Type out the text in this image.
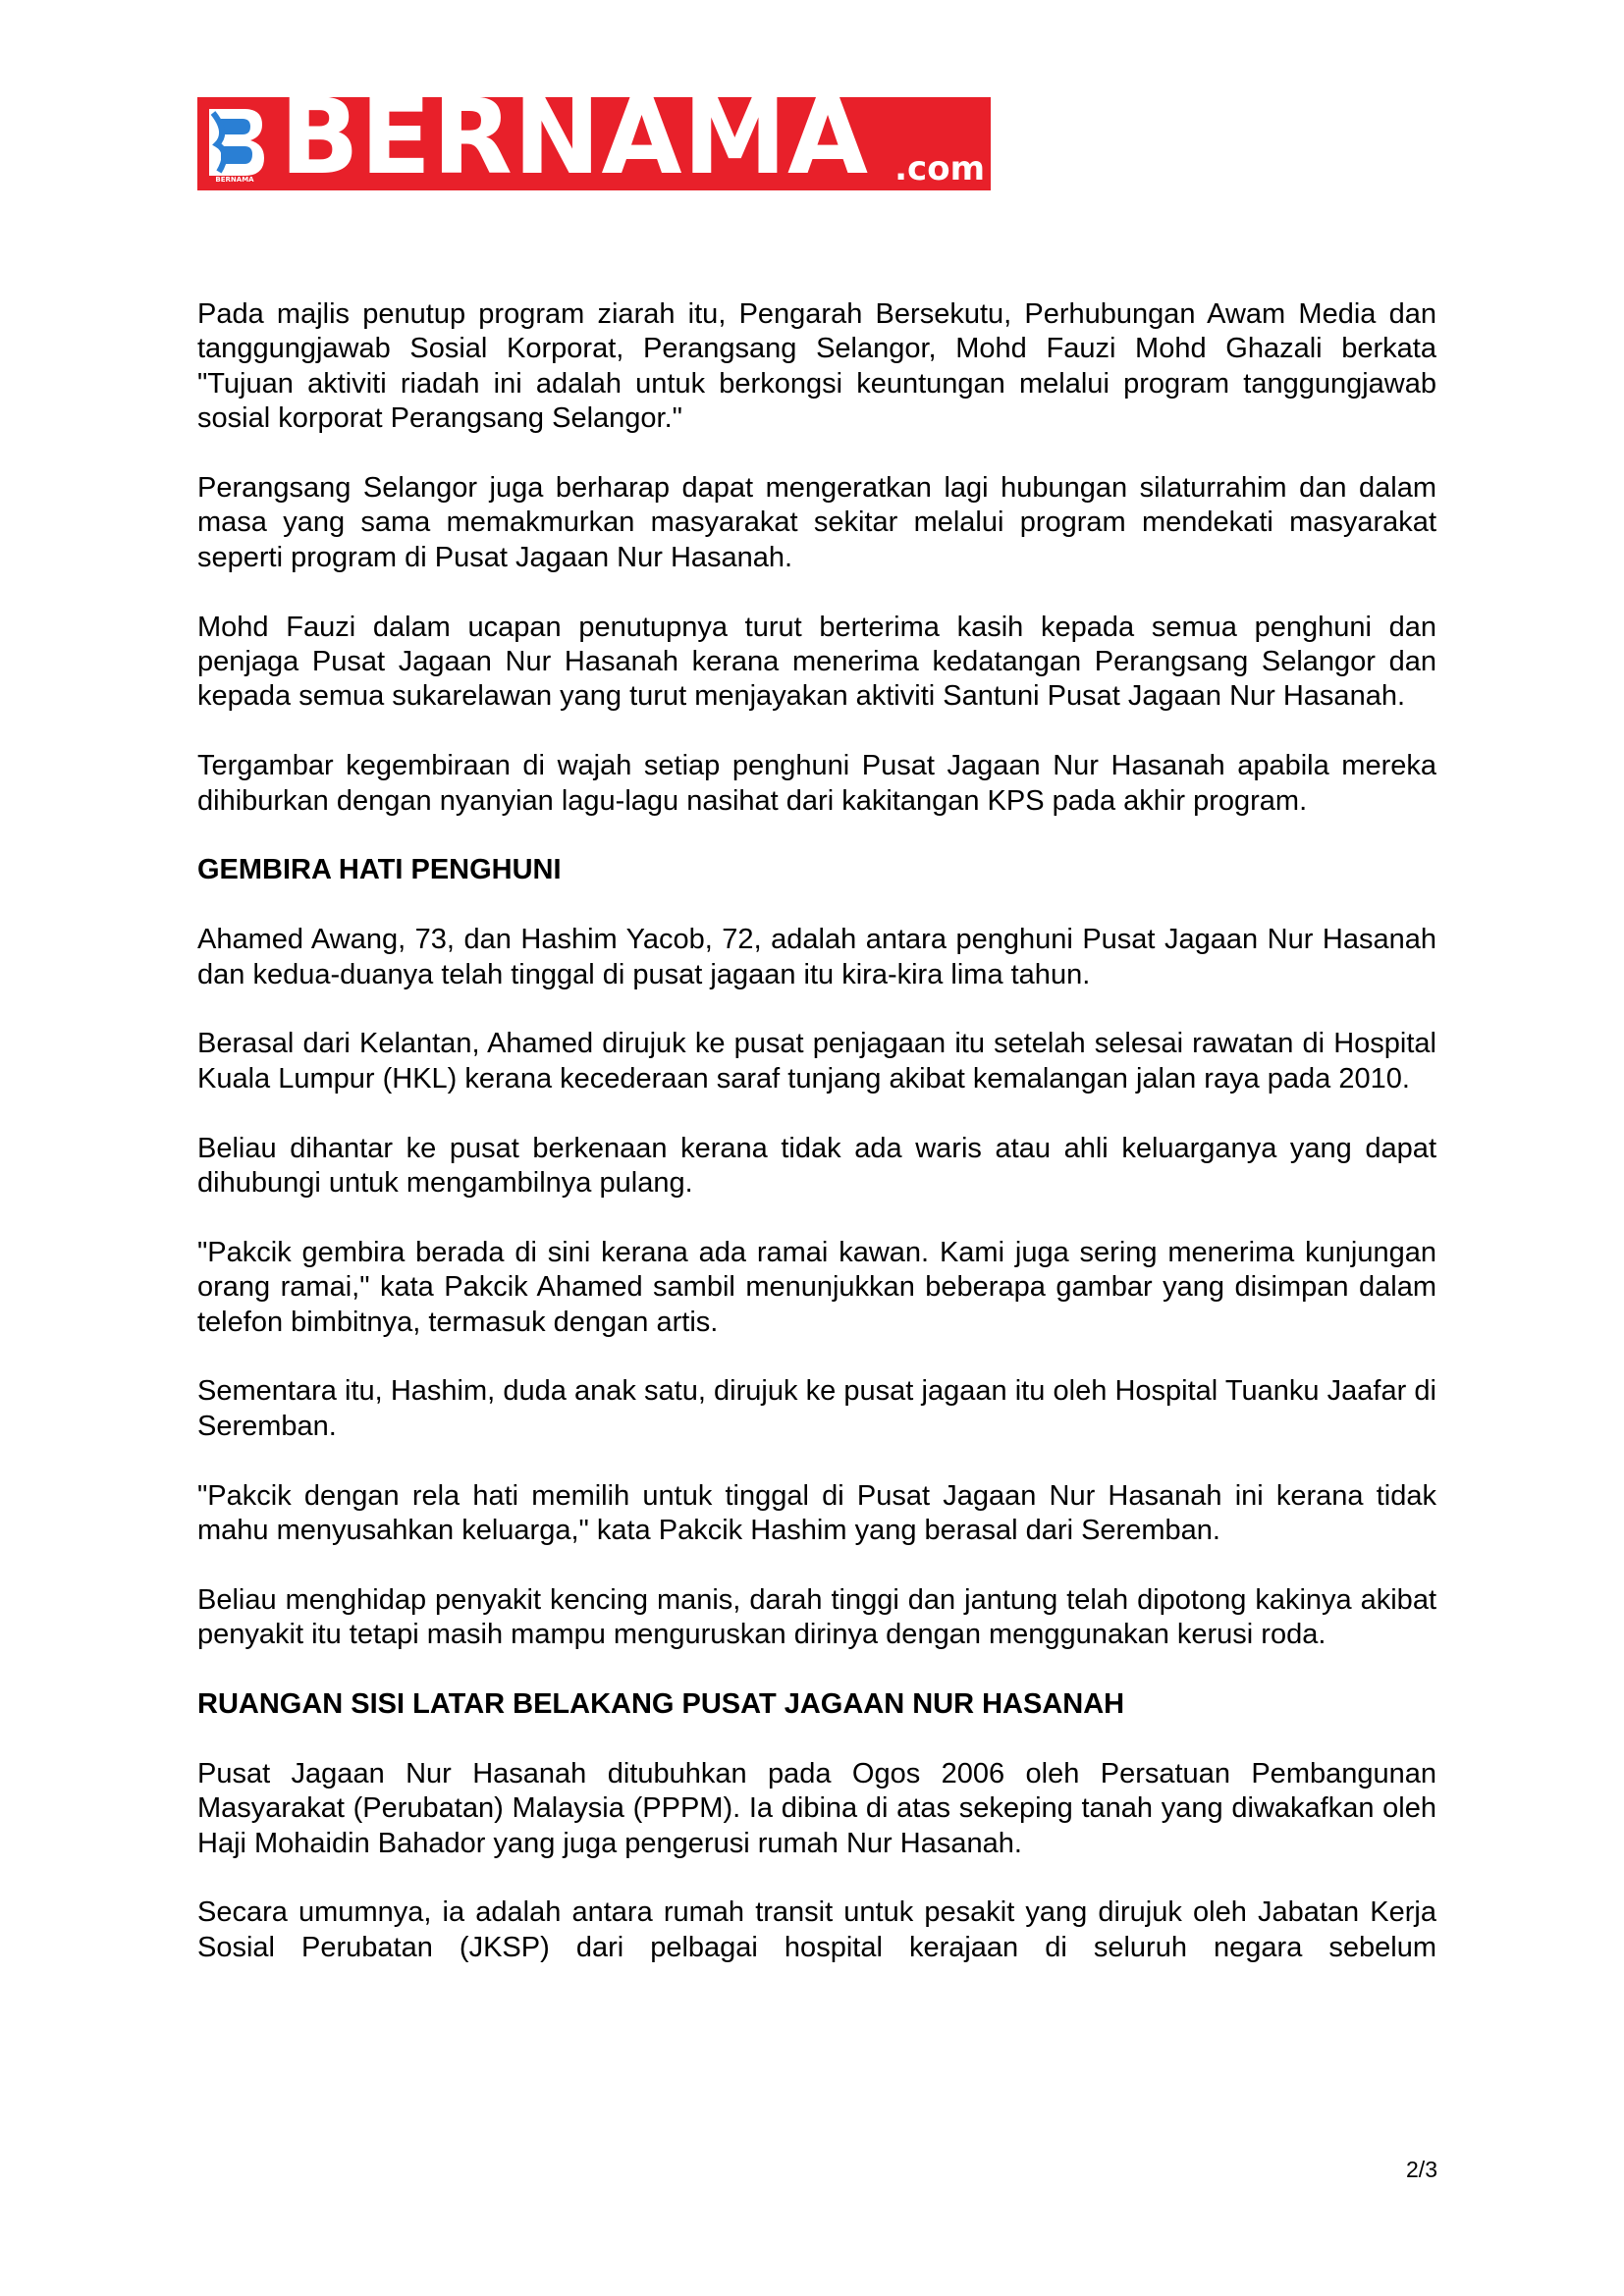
BERNAMA BERNAMA .com

Pada majlis penutup program ziarah itu, Pengarah Bersekutu, Perhubungan Awam Media dan tanggungjawab Sosial Korporat, Perangsang Selangor, Mohd Fauzi Mohd Ghazali berkata "Tujuan aktiviti riadah ini adalah untuk berkongsi keuntungan melalui program tanggungjawab sosial korporat Perangsang Selangor."

Perangsang Selangor juga berharap dapat mengeratkan lagi hubungan silaturrahim dan dalam masa yang sama memakmurkan masyarakat sekitar melalui program mendekati masyarakat seperti program di Pusat Jagaan Nur Hasanah.

Mohd Fauzi dalam ucapan penutupnya turut berterima kasih kepada semua penghuni dan penjaga Pusat Jagaan Nur Hasanah kerana menerima kedatangan Perangsang Selangor dan kepada semua sukarelawan yang turut menjayakan aktiviti Santuni Pusat Jagaan Nur Hasanah.

Tergambar kegembiraan di wajah setiap penghuni Pusat Jagaan Nur Hasanah apabila mereka dihiburkan dengan nyanyian lagu-lagu nasihat dari kakitangan KPS pada akhir program.

GEMBIRA HATI PENGHUNI

Ahamed Awang, 73, dan Hashim Yacob, 72, adalah antara penghuni Pusat Jagaan Nur Hasanah dan kedua-duanya telah tinggal di pusat jagaan itu kira-kira lima tahun.

Berasal dari Kelantan, Ahamed dirujuk ke pusat penjagaan itu setelah selesai rawatan di Hospital Kuala Lumpur (HKL) kerana kecederaan saraf tunjang akibat kemalangan jalan raya pada 2010.

Beliau dihantar ke pusat berkenaan kerana tidak ada waris atau ahli keluarganya yang dapat dihubungi untuk mengambilnya pulang.

"Pakcik gembira berada di sini kerana ada ramai kawan. Kami juga sering menerima kunjungan orang ramai," kata Pakcik Ahamed sambil menunjukkan beberapa gambar yang disimpan dalam telefon bimbitnya, termasuk dengan artis.

Sementara itu, Hashim, duda anak satu, dirujuk ke pusat jagaan itu oleh Hospital Tuanku Jaafar di Seremban.

"Pakcik dengan rela hati memilih untuk tinggal di Pusat Jagaan Nur Hasanah ini kerana tidak mahu menyusahkan keluarga," kata Pakcik Hashim yang berasal dari Seremban.

Beliau menghidap penyakit kencing manis, darah tinggi dan jantung telah dipotong kakinya akibat penyakit itu tetapi masih mampu menguruskan dirinya dengan menggunakan kerusi roda.

RUANGAN SISI LATAR BELAKANG PUSAT JAGAAN NUR HASANAH

Pusat Jagaan Nur Hasanah ditubuhkan pada Ogos 2006 oleh Persatuan Pembangunan Masyarakat (Perubatan) Malaysia (PPPM). Ia dibina di atas sekeping tanah yang diwakafkan oleh Haji Mohaidin Bahador yang juga pengerusi rumah Nur Hasanah.

Secara umumnya, ia adalah antara rumah transit untuk pesakit yang dirujuk oleh Jabatan Kerja Sosial Perubatan (JKSP) dari pelbagai hospital kerajaan di seluruh negara sebelum

2/3
